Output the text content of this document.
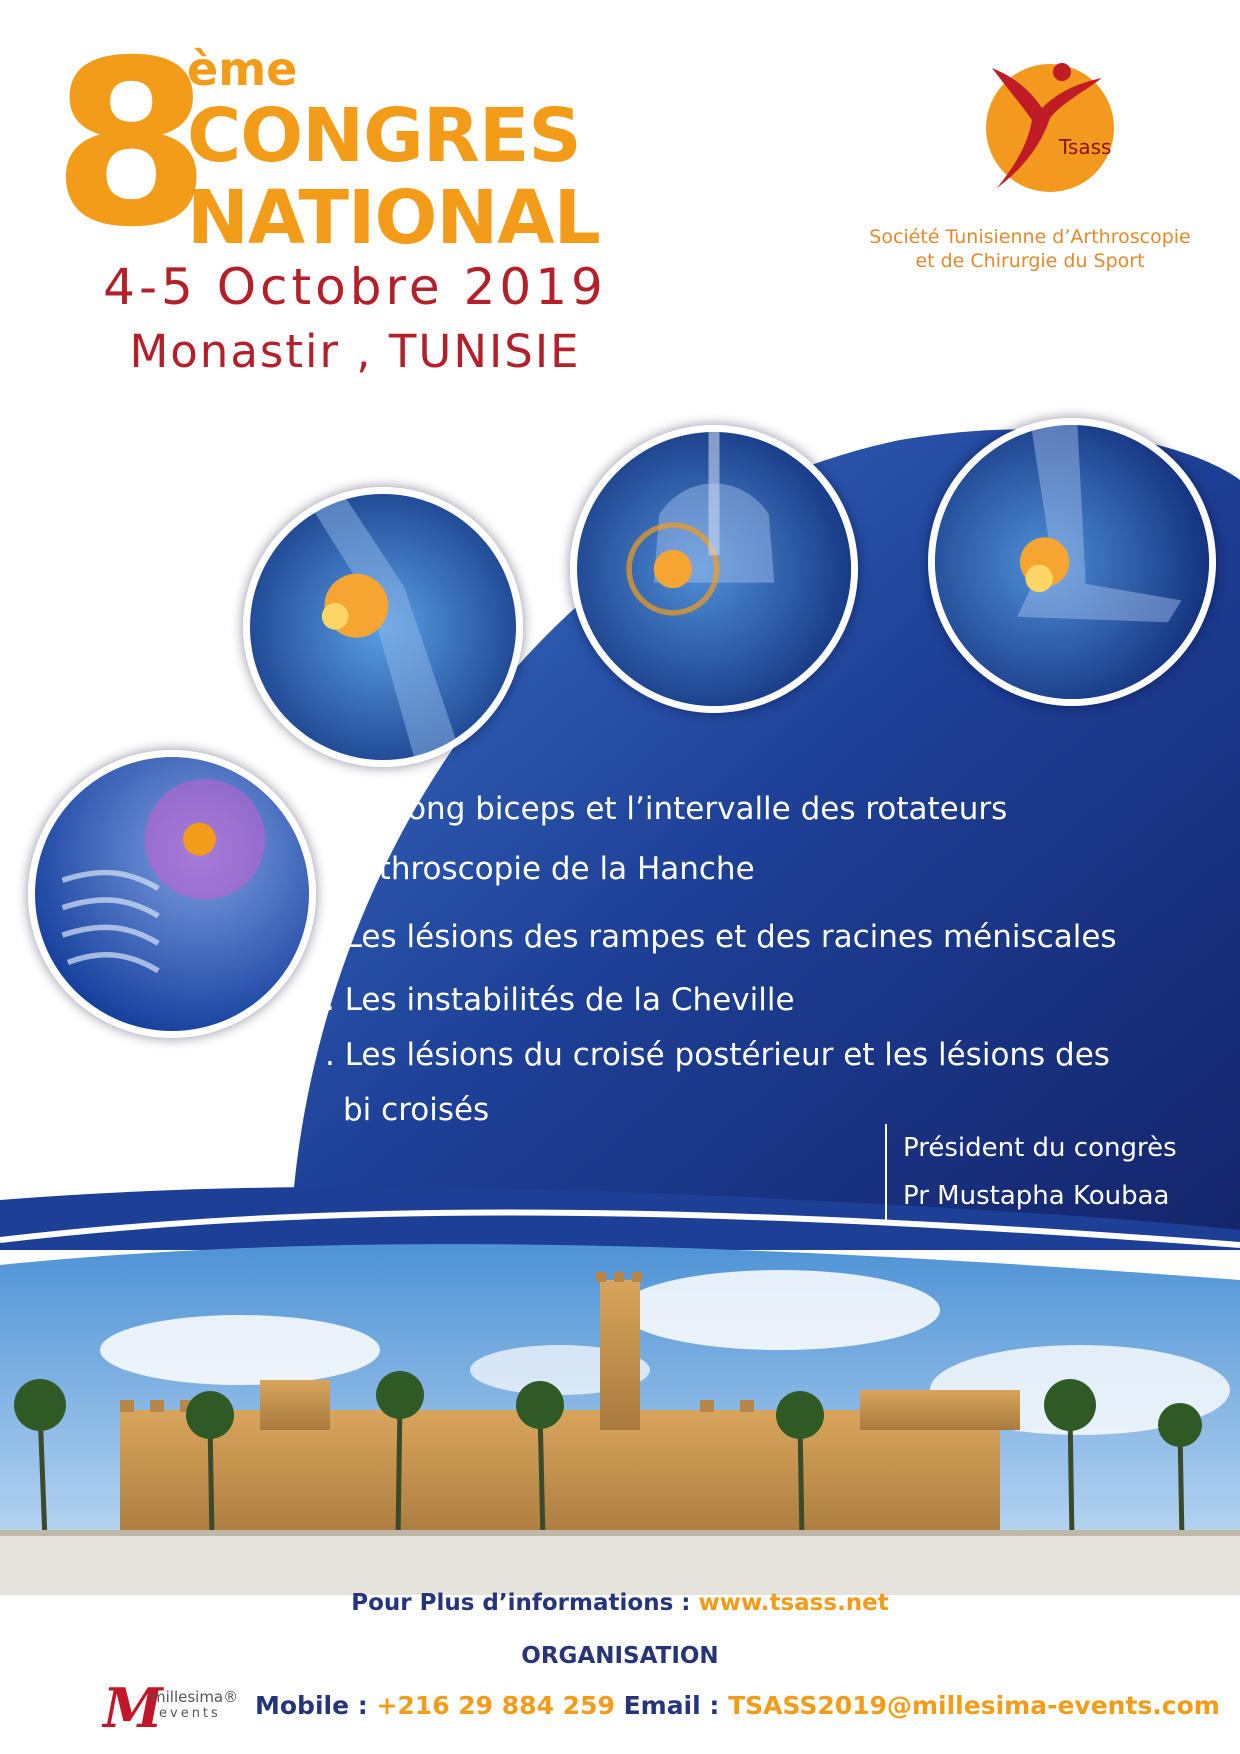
8
ème
CONGRES
NATIONAL
4-5 Octobre 2019
Monastir , TUNISIE
Tsass
Société Tunisienne d’Arthroscopie
et de Chirurgie du Sport
. Le Long biceps et l’intervalle des rotateurs
. Arthroscopie de la Hanche
. Les lésions des rampes et des racines méniscales
. Les instabilités de la Cheville
. Les lésions du croisé postérieur et les lésions des
bi croisés
Président du congrès
Pr Mustapha Koubaa
Pour Plus d’informations : www.tsass.net
ORGANISATION
M
millesima®
events Mobile : +216 29 884 259 Email : TSASS2019@millesima-events.com
